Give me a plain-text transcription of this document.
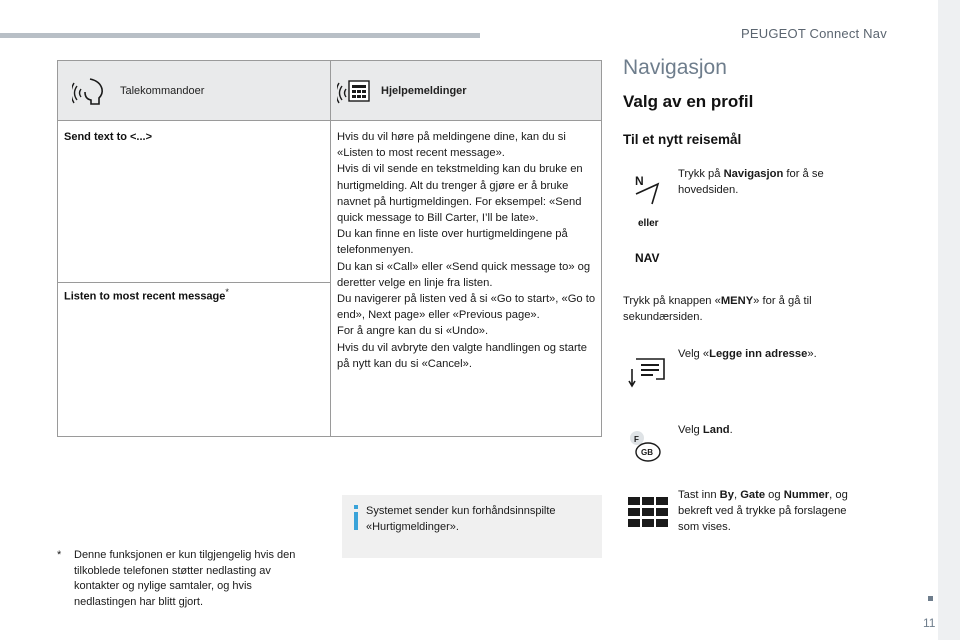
PEUGEOT Connect Nav
Talekommandoer	Hjelpemeldinger
Send text to <...>
Listen to most recent message*
Hvis du vil høre på meldingene dine, kan du si «Listen to most recent message».
Hvis di vil sende en tekstmelding kan du bruke en hurtigmelding. Alt du trenger å gjøre er å bruke navnet på hurtigmeldingen. For eksempel: «Send quick message to Bill Carter, I’ll be late».
Du kan finne en liste over hurtigmeldingene på telefonmenyen.
Du kan si «Call» eller «Send quick message to» og deretter velge en linje fra listen.
Du navigerer på listen ved å si «Go to start», «Go to end», Next page» eller «Previous page».
For å angre kan du si «Undo».
Hvis du vil avbryte den valgte handlingen og starte på nytt kan du si «Cancel».
Systemet sender kun forhåndsinnspilte «Hurtigmeldinger».
* Denne funksjonen er kun tilgjengelig hvis den tilkoblede telefonen støtter nedlasting av kontakter og nylige samtaler, og hvis nedlastingen har blitt gjort.
Navigasjon
Valg av en profil
Til et nytt reisemål
N
eller
NAV
Trykk på Navigasjon for å se hovedsiden.
Trykk på knappen «MENY» for å gå til sekundærsiden.
Velg «Legge inn adresse».
F
GB
Velg Land.
Tast inn By, Gate og Nummer, og bekreft ved å trykke på forslagene som vises.
11
